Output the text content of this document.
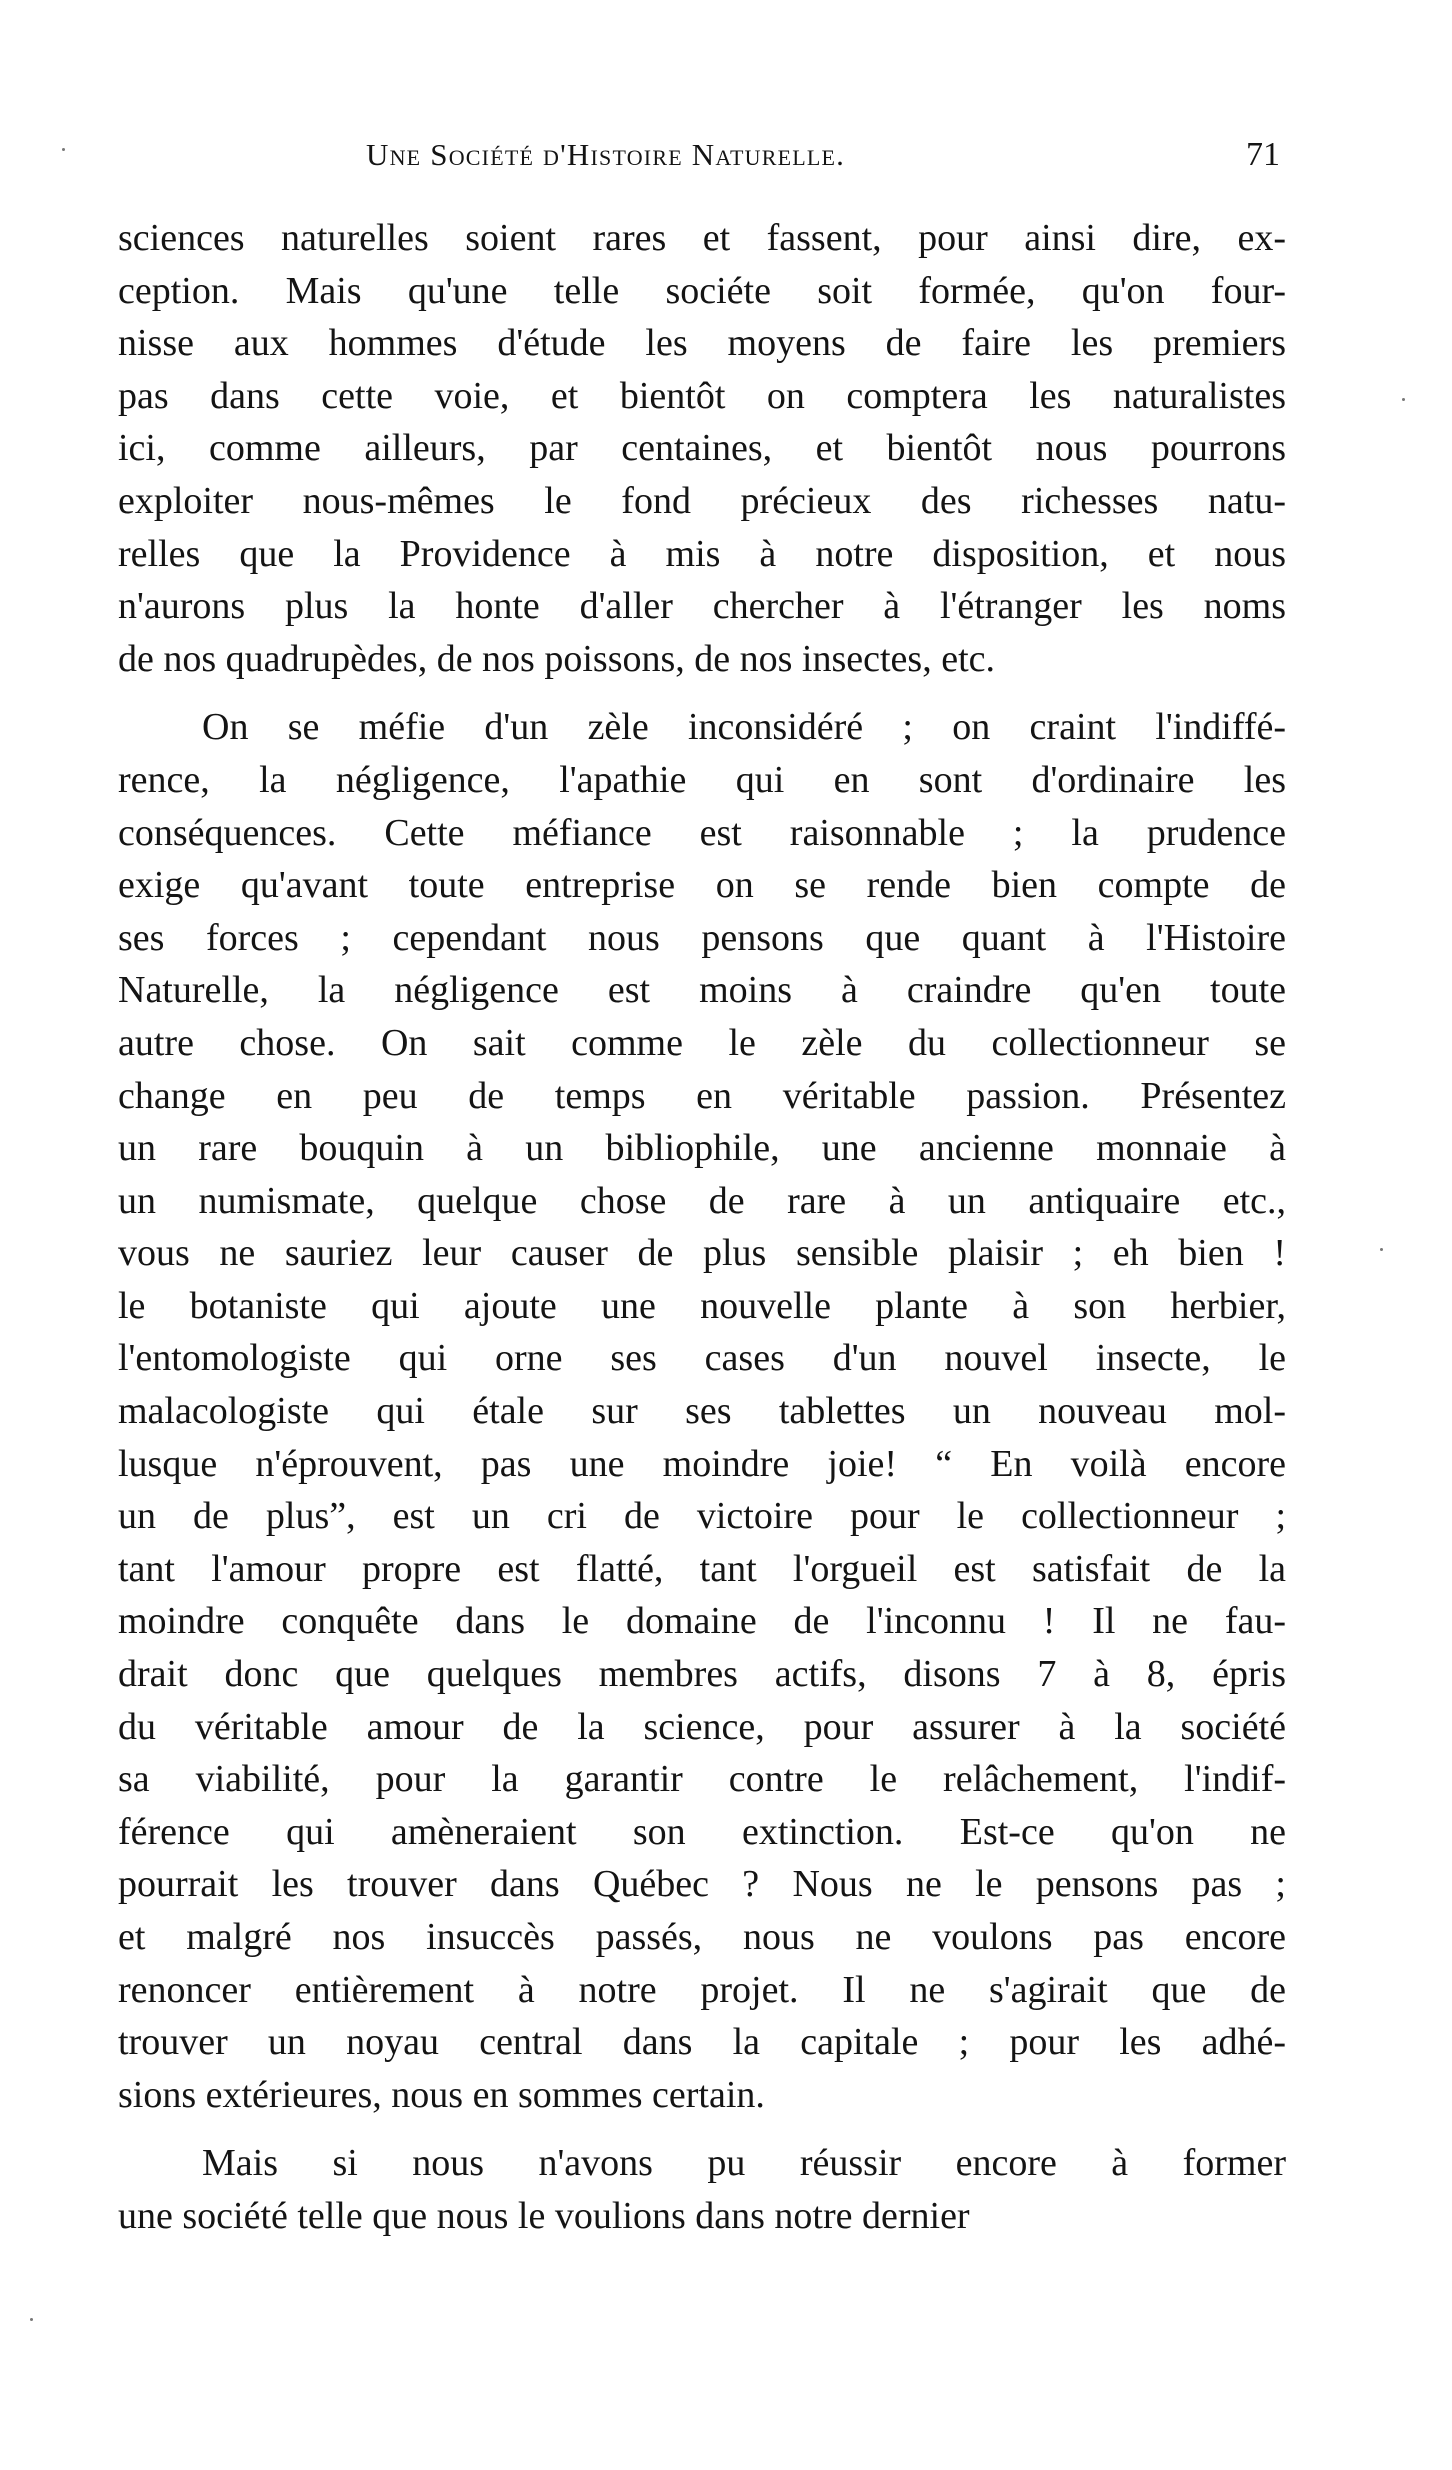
Une Société d'Histoire Naturelle.	71
sciences naturelles soient rares et fassent, pour ainsi dire, ex-
ception. Mais qu'une telle sociéte soit formée, qu'on four-
nisse aux hommes d'étude les moyens de faire les premiers
pas dans cette voie, et bientôt on comptera les naturalistes
ici, comme ailleurs, par centaines, et bientôt nous pourrons
exploiter nous-mêmes le fond précieux des richesses natu-
relles que la Providence à mis à notre disposition, et nous
n'aurons plus la honte d'aller chercher à l'étranger les noms
de nos quadrupèdes, de nos poissons, de nos insectes, etc.
On se méfie d'un zèle inconsidéré ; on craint l'indiffé-
rence, la négligence, l'apathie qui en sont d'ordinaire les
conséquences. Cette méfiance est raisonnable ; la prudence
exige qu'avant toute entreprise on se rende bien compte de
ses forces ; cependant nous pensons que quant à l'Histoire
Naturelle, la négligence est moins à craindre qu'en toute
autre chose. On sait comme le zèle du collectionneur se
change en peu de temps en véritable passion. Présentez
un rare bouquin à un bibliophile, une ancienne monnaie à
un numismate, quelque chose de rare à un antiquaire etc.,
vous ne sauriez leur causer de plus sensible plaisir ; eh bien !
le botaniste qui ajoute une nouvelle plante à son herbier,
l'entomologiste qui orne ses cases d'un nouvel insecte, le
malacologiste qui étale sur ses tablettes un nouveau mol-
lusque n'éprouvent, pas une moindre joie! “ En voilà encore
un de plus”, est un cri de victoire pour le collectionneur ;
tant l'amour propre est flatté, tant l'orgueil est satisfait de la
moindre conquête dans le domaine de l'inconnu ! Il ne fau-
drait donc que quelques membres actifs, disons 7 à 8, épris
du véritable amour de la science, pour assurer à la société
sa viabilité, pour la garantir contre le relâchement, l'indif-
férence qui amèneraient son extinction. Est-ce qu'on ne
pourrait les trouver dans Québec ? Nous ne le pensons pas ;
et malgré nos insuccès passés, nous ne voulons pas encore
renoncer entièrement à notre projet. Il ne s'agirait que de
trouver un noyau central dans la capitale ; pour les adhé-
sions extérieures, nous en sommes certain.
Mais si nous n'avons pu réussir encore à former
une société telle que nous le voulions dans notre dernier
